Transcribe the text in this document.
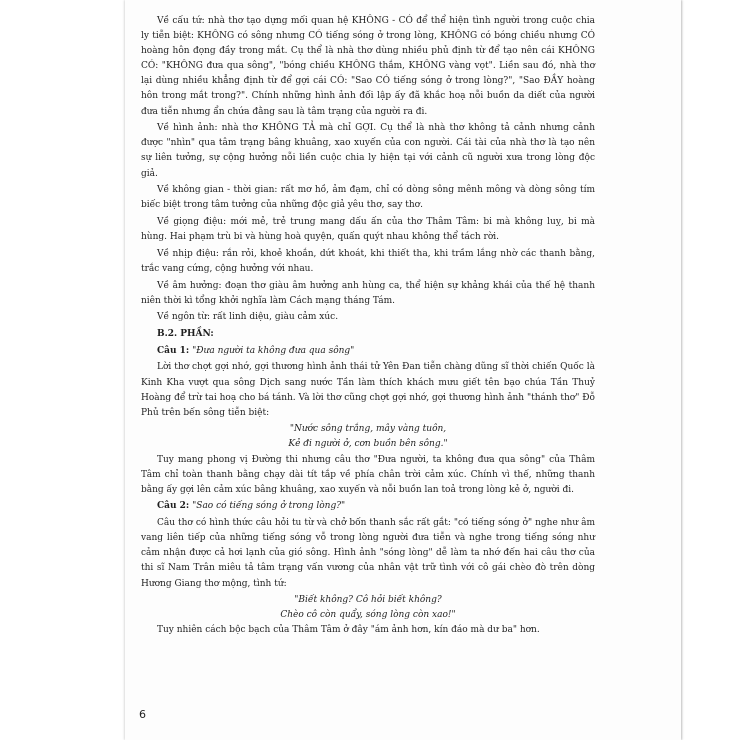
Về cấu tứ: nhà thơ tạo dựng mối quan hệ KHÔNG - CÓ để thể hiện tình người trong cuộc chia ly tiễn biệt: KHÔNG có sông nhưng CÓ tiếng sóng ở trong lòng, KHÔNG có bóng chiều nhưng CÓ hoàng hôn đọng đầy trong mắt. Cụ thể là nhà thơ dùng nhiều phủ định từ để tạo nên cái KHÔNG CÓ: "KHÔNG đưa qua sông", "bóng chiều KHÔNG thắm, KHÔNG vàng vọt". Liền sau đó, nhà thơ lại dùng nhiều khẳng định từ để gợi cái CÓ: "Sao CÓ tiếng sóng ở trong lòng?", "Sao ĐẦY hoàng hôn trong mắt trong?". Chính những hình ảnh đối lập ấy đã khắc hoạ nỗi buồn da diết của người đưa tiễn nhưng ẩn chứa đằng sau là tâm trạng của người ra đi.

Về hình ảnh: nhà thơ KHÔNG TẢ mà chỉ GỢI. Cụ thể là nhà thơ không tả cảnh nhưng cảnh được "nhìn" qua tâm trạng bâng khuâng, xao xuyến của con người. Cái tài của nhà thơ là tạo nên sự liên tưởng, sự cộng hưởng nỗi liền cuộc chia ly hiện tại với cảnh cũ người xưa trong lòng độc giả.

Về không gian - thời gian: rất mơ hồ, ảm đạm, chỉ có dòng sông mênh mông và dòng sông tím biếc biệt trong tâm tưởng của những độc giả yêu thơ, say thơ.

Về giọng điệu: mới mẻ, trẻ trung mang dấu ấn của thơ Thâm Tâm: bi mà không luỵ, bi mà hùng. Hai phạm trù bi và hùng hoà quyện, quấn quýt nhau không thể tách rời.

Về nhịp điệu: rắn rỏi, khoẻ khoắn, dứt khoát, khi thiết tha, khi trầm lắng nhờ các thanh bằng, trắc vang cứng, cộng hưởng với nhau.

Về âm hưởng: đoạn thơ giàu âm hưởng anh hùng ca, thể hiện sự khảng khái của thế hệ thanh niên thời kì tổng khởi nghĩa làm Cách mạng tháng Tám.

Về ngôn từ: rất linh diệu, giàu cảm xúc.

B.2. PHẦN:

Câu 1: "Đưa người ta không đưa qua sông"

Lời thơ chợt gợi nhớ, gợi thương hình ảnh thái tử Yên Đan tiễn chàng dũng sĩ thời chiến Quốc là Kinh Kha vượt qua sông Dịch sang nước Tần làm thích khách mưu giết tên bạo chúa Tần Thuỷ Hoàng để trừ tai hoạ cho bá tánh. Và lời thơ cũng chợt gợi nhớ, gợi thương hình ảnh "thánh thơ" Đỗ Phủ trên bến sông tiễn biệt:

"Nước sông trắng, mây vàng tuôn,

Kẻ đi người ở, cơn buồn bên sông."

Tuy mang phong vị Đường thi nhưng câu thơ "Đưa người, ta không đưa qua sông" của Thâm Tâm chỉ toàn thanh bằng chạy dài tít tắp về phía chân trời cảm xúc. Chính vì thế, những thanh bằng ấy gợi lên cảm xúc bâng khuâng, xao xuyến và nỗi buồn lan toả trong lòng kẻ ở, người đi.

Câu 2: "Sao có tiếng sóng ở trong lòng?"

Câu thơ có hình thức câu hỏi tu từ và chở bốn thanh sắc rất gắt: "có tiếng sóng ở" nghe như âm vang liên tiếp của những tiếng sóng vỗ trong lòng người đưa tiễn và nghe trong tiếng sóng như cảm nhận được cả hơi lạnh của gió sông. Hình ảnh "sóng lòng" dễ làm ta nhớ đến hai câu thơ của thi sĩ Nam Trân miêu tả tâm trạng vấn vương của nhân vật trữ tình với cô gái chèo đò trên dòng Hương Giang thơ mộng, tình tứ:

"Biết không? Cô hỏi biết không?

Chèo cô còn quẩy, sóng lòng còn xao!"

Tuy nhiên cách bộc bạch của Thâm Tâm ở đây "ám ảnh hơn, kín đáo mà dư ba" hơn.

6
